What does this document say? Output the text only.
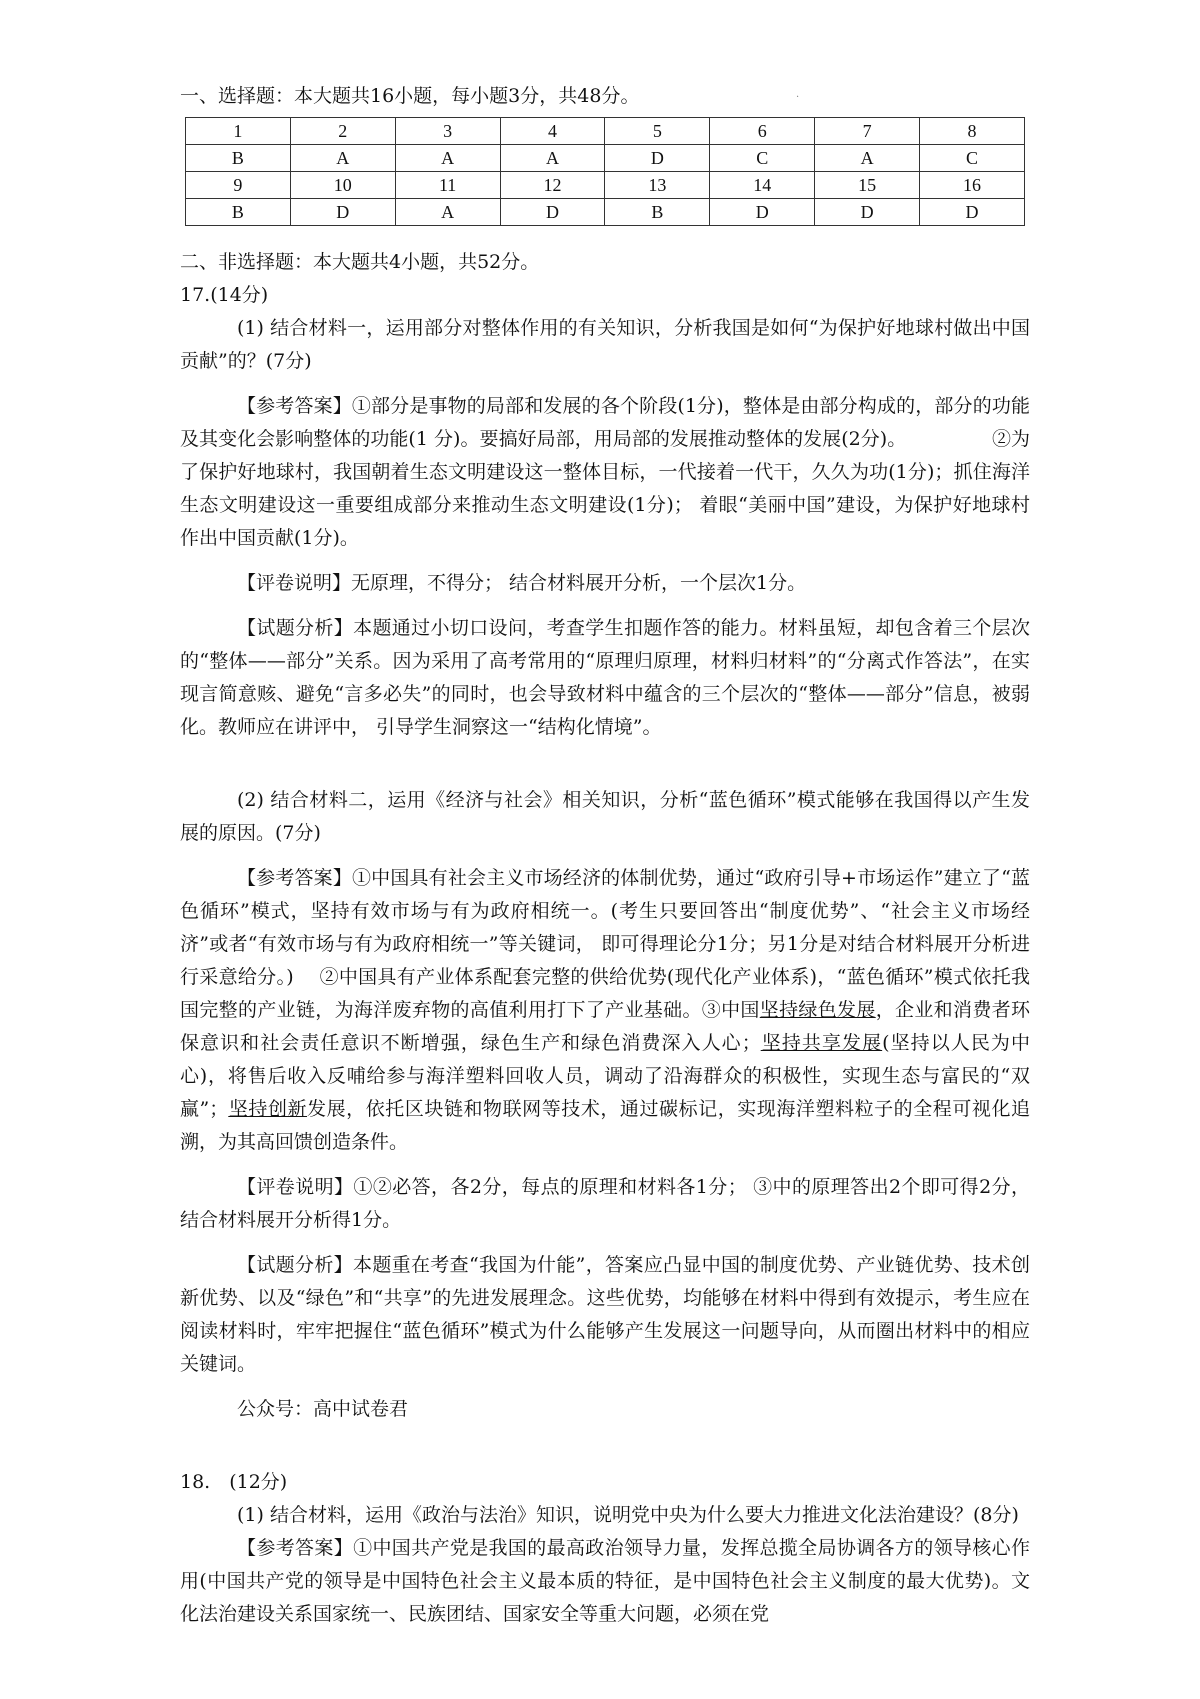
·
一、选择题：本大题共16小题，每小题3分，共48分。
1	2	3	4	5	6	7	8
B	A	A	A	D	C	A	C
9	10	11	12	13	14	15	16
B	D	A	D	B	D	D	D
二、非选择题：本大题共4小题，共52分。
17.(14分)
(1) 结合材料一，运用部分对整体作用的有关知识，分析我国是如何“为保护好地球村做出中国贡献”的？(7分)
【参考答案】①部分是事物的局部和发展的各个阶段(1分)，整体是由部分构成的，部分的功能及其变化会影响整体的功能(1 分)。要搞好局部，用局部的发展推动整体的发展(2分)。　　　　　②为了保护好地球村，我国朝着生态文明建设这一整体目标，一代接着一代干，久久为功(1分)；抓住海洋生态文明建设这一重要组成部分来推动生态文明建设(1分)； 着眼“美丽中国”建设，为保护好地球村作出中国贡献(1分)。
【评卷说明】无原理，不得分； 结合材料展开分析，一个层次1分。
【试题分析】本题通过小切口设问，考查学生扣题作答的能力。材料虽短，却包含着三个层次的“整体——部分”关系。因为采用了高考常用的“原理归原理，材料归材料”的“分离式作答法”，在实现言简意赅、避免“言多必失”的同时，也会导致材料中蕴含的三个层次的“整体——部分”信息，被弱化。教师应在讲评中， 引导学生洞察这一“结构化情境”。
(2) 结合材料二，运用《经济与社会》相关知识，分析“蓝色循环”模式能够在我国得以产生发展的原因。(7分)
【参考答案】①中国具有社会主义市场经济的体制优势，通过“政府引导+市场运作”建立了“蓝色循环”模式，坚持有效市场与有为政府相统一。(考生只要回答出“制度优势”、“社会主义市场经济”或者“有效市场与有为政府相统一”等关键词， 即可得理论分1分；另1分是对结合材料展开分析进行采意给分。)　 ②中国具有产业体系配套完整的供给优势(现代化产业体系)，“蓝色循环”模式依托我国完整的产业链，为海洋废弃物的高值利用打下了产业基础。③中国坚持绿色发展，企业和消费者环保意识和社会责任意识不断增强，绿色生产和绿色消费深入人心；坚持共享发展(坚持以人民为中心)，将售后收入反哺给参与海洋塑料回收人员，调动了沿海群众的积极性，实现生态与富民的“双赢”；坚持创新发展，依托区块链和物联网等技术，通过碳标记，实现海洋塑料粒子的全程可视化追溯，为其高回馈创造条件。
【评卷说明】①②必答，各2分，每点的原理和材料各1分； ③中的原理答出2个即可得2分，结合材料展开分析得1分。
【试题分析】本题重在考查“我国为什能”，答案应凸显中国的制度优势、产业链优势、技术创新优势、以及“绿色”和“共享”的先进发展理念。这些优势，均能够在材料中得到有效提示，考生应在阅读材料时，牢牢把握住“蓝色循环”模式为什么能够产生发展这一问题导向，从而圈出材料中的相应关键词。
公众号：高中试卷君
18.　(12分)
(1) 结合材料，运用《政治与法治》知识，说明党中央为什么要大力推进文化法治建设？(8分)
【参考答案】①中国共产党是我国的最高政治领导力量，发挥总揽全局协调各方的领导核心作用(中国共产党的领导是中国特色社会主义最本质的特征，是中国特色社会主义制度的最大优势)。文化法治建设关系国家统一、民族团结、国家安全等重大问题，必须在党
